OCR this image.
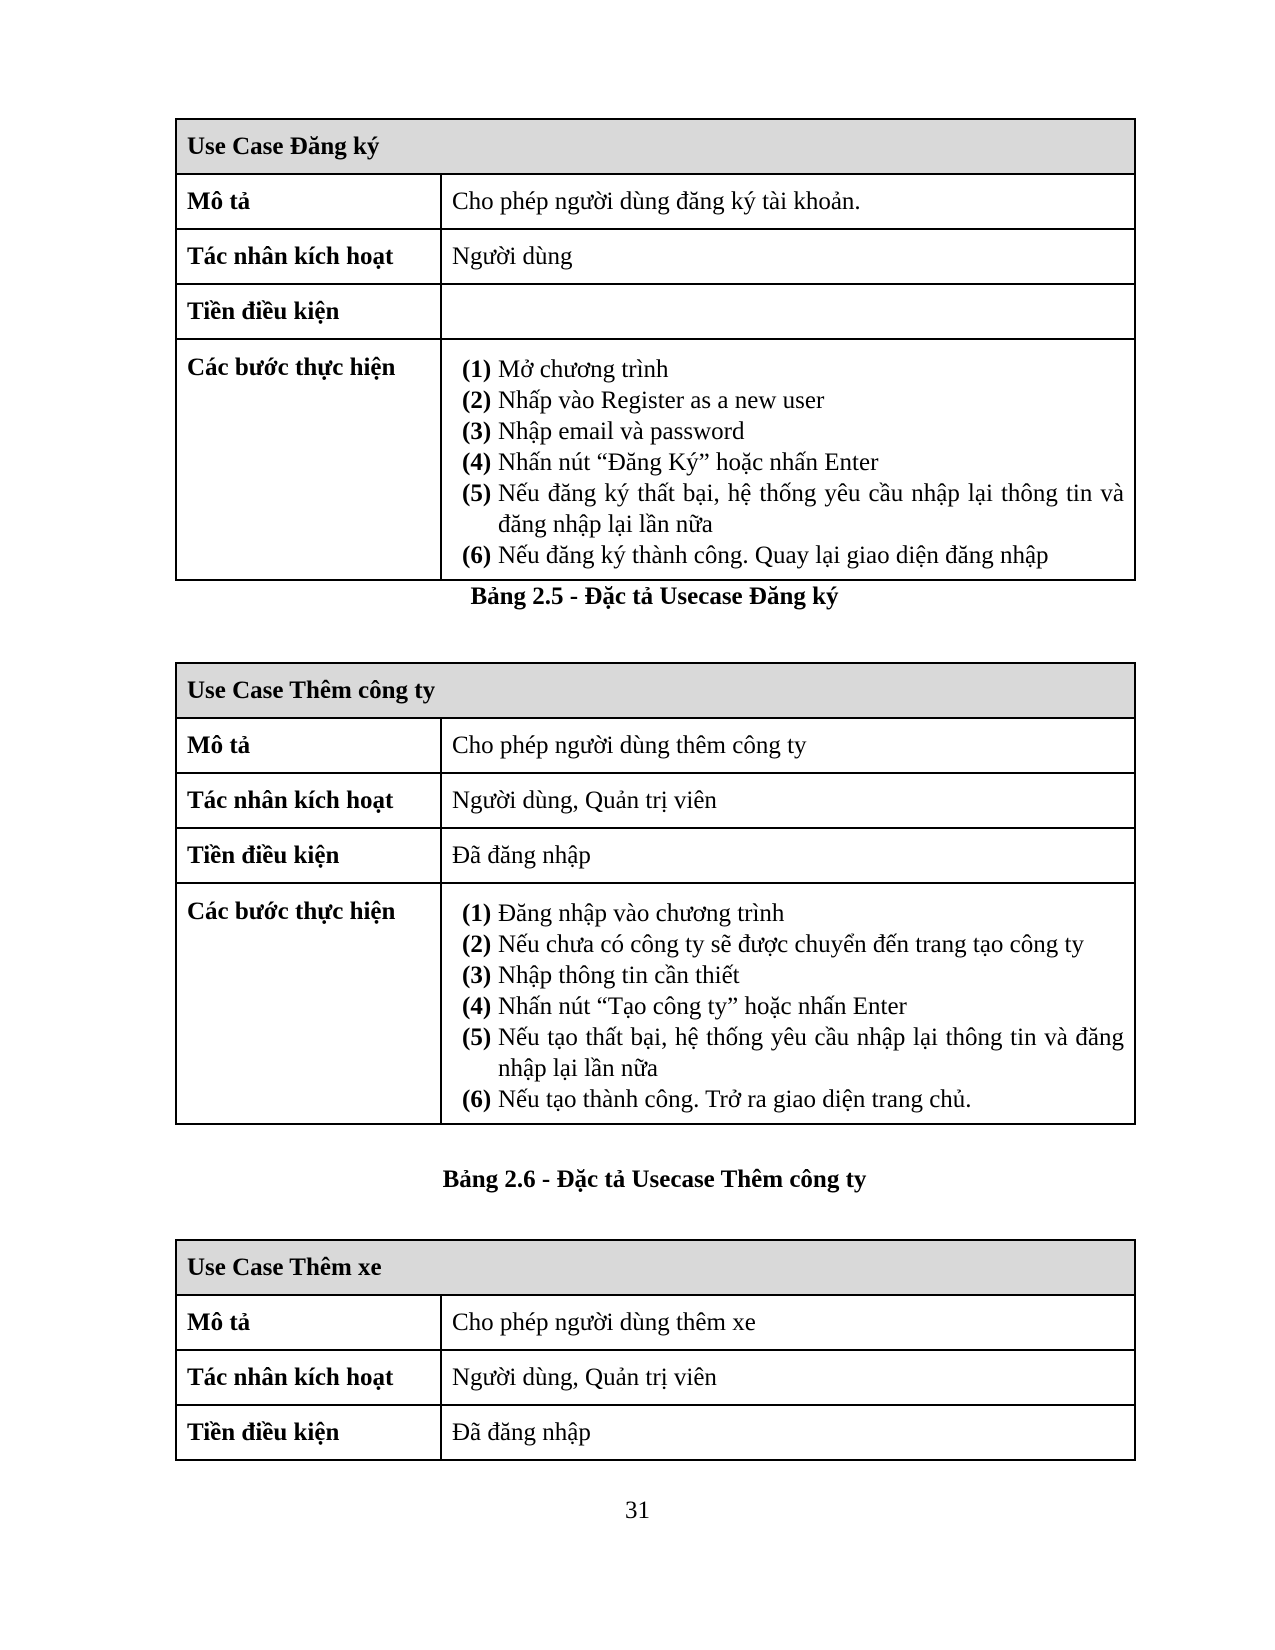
Use Case Đăng ký	
Mô tả	Cho phép người dùng đăng ký tài khoản.
Tác nhân kích hoạt	Người dùng
Tiền điều kiện	
Các bước thực hiện	(1) Mở chương trình
(2) Nhấp vào Register as a new user
(3) Nhập email và password
(4) Nhấn nút “Đăng Ký” hoặc nhấn Enter
(5) Nếu đăng ký thất bại, hệ thống yêu cầu nhập lại thông tin và đăng nhập lại lần nữa
(6) Nếu đăng ký thành công. Quay lại giao diện đăng nhập
Bảng 2.5 - Đặc tả Usecase Đăng ký
Use Case Thêm công ty	
Mô tả	Cho phép người dùng thêm công ty
Tác nhân kích hoạt	Người dùng, Quản trị viên
Tiền điều kiện	Đã đăng nhập
Các bước thực hiện	(1) Đăng nhập vào chương trình
(2) Nếu chưa có công ty sẽ được chuyển đến trang tạo công ty
(3) Nhập thông tin cần thiết
(4) Nhấn nút “Tạo công ty” hoặc nhấn Enter
(5) Nếu tạo thất bại, hệ thống yêu cầu nhập lại thông tin và đăng nhập lại lần nữa
(6) Nếu tạo thành công. Trở ra giao diện trang chủ.
Bảng 2.6 - Đặc tả Usecase Thêm công ty
Use Case Thêm xe	
Mô tả	Cho phép người dùng thêm xe
Tác nhân kích hoạt	Người dùng, Quản trị viên
Tiền điều kiện	Đã đăng nhập
31
